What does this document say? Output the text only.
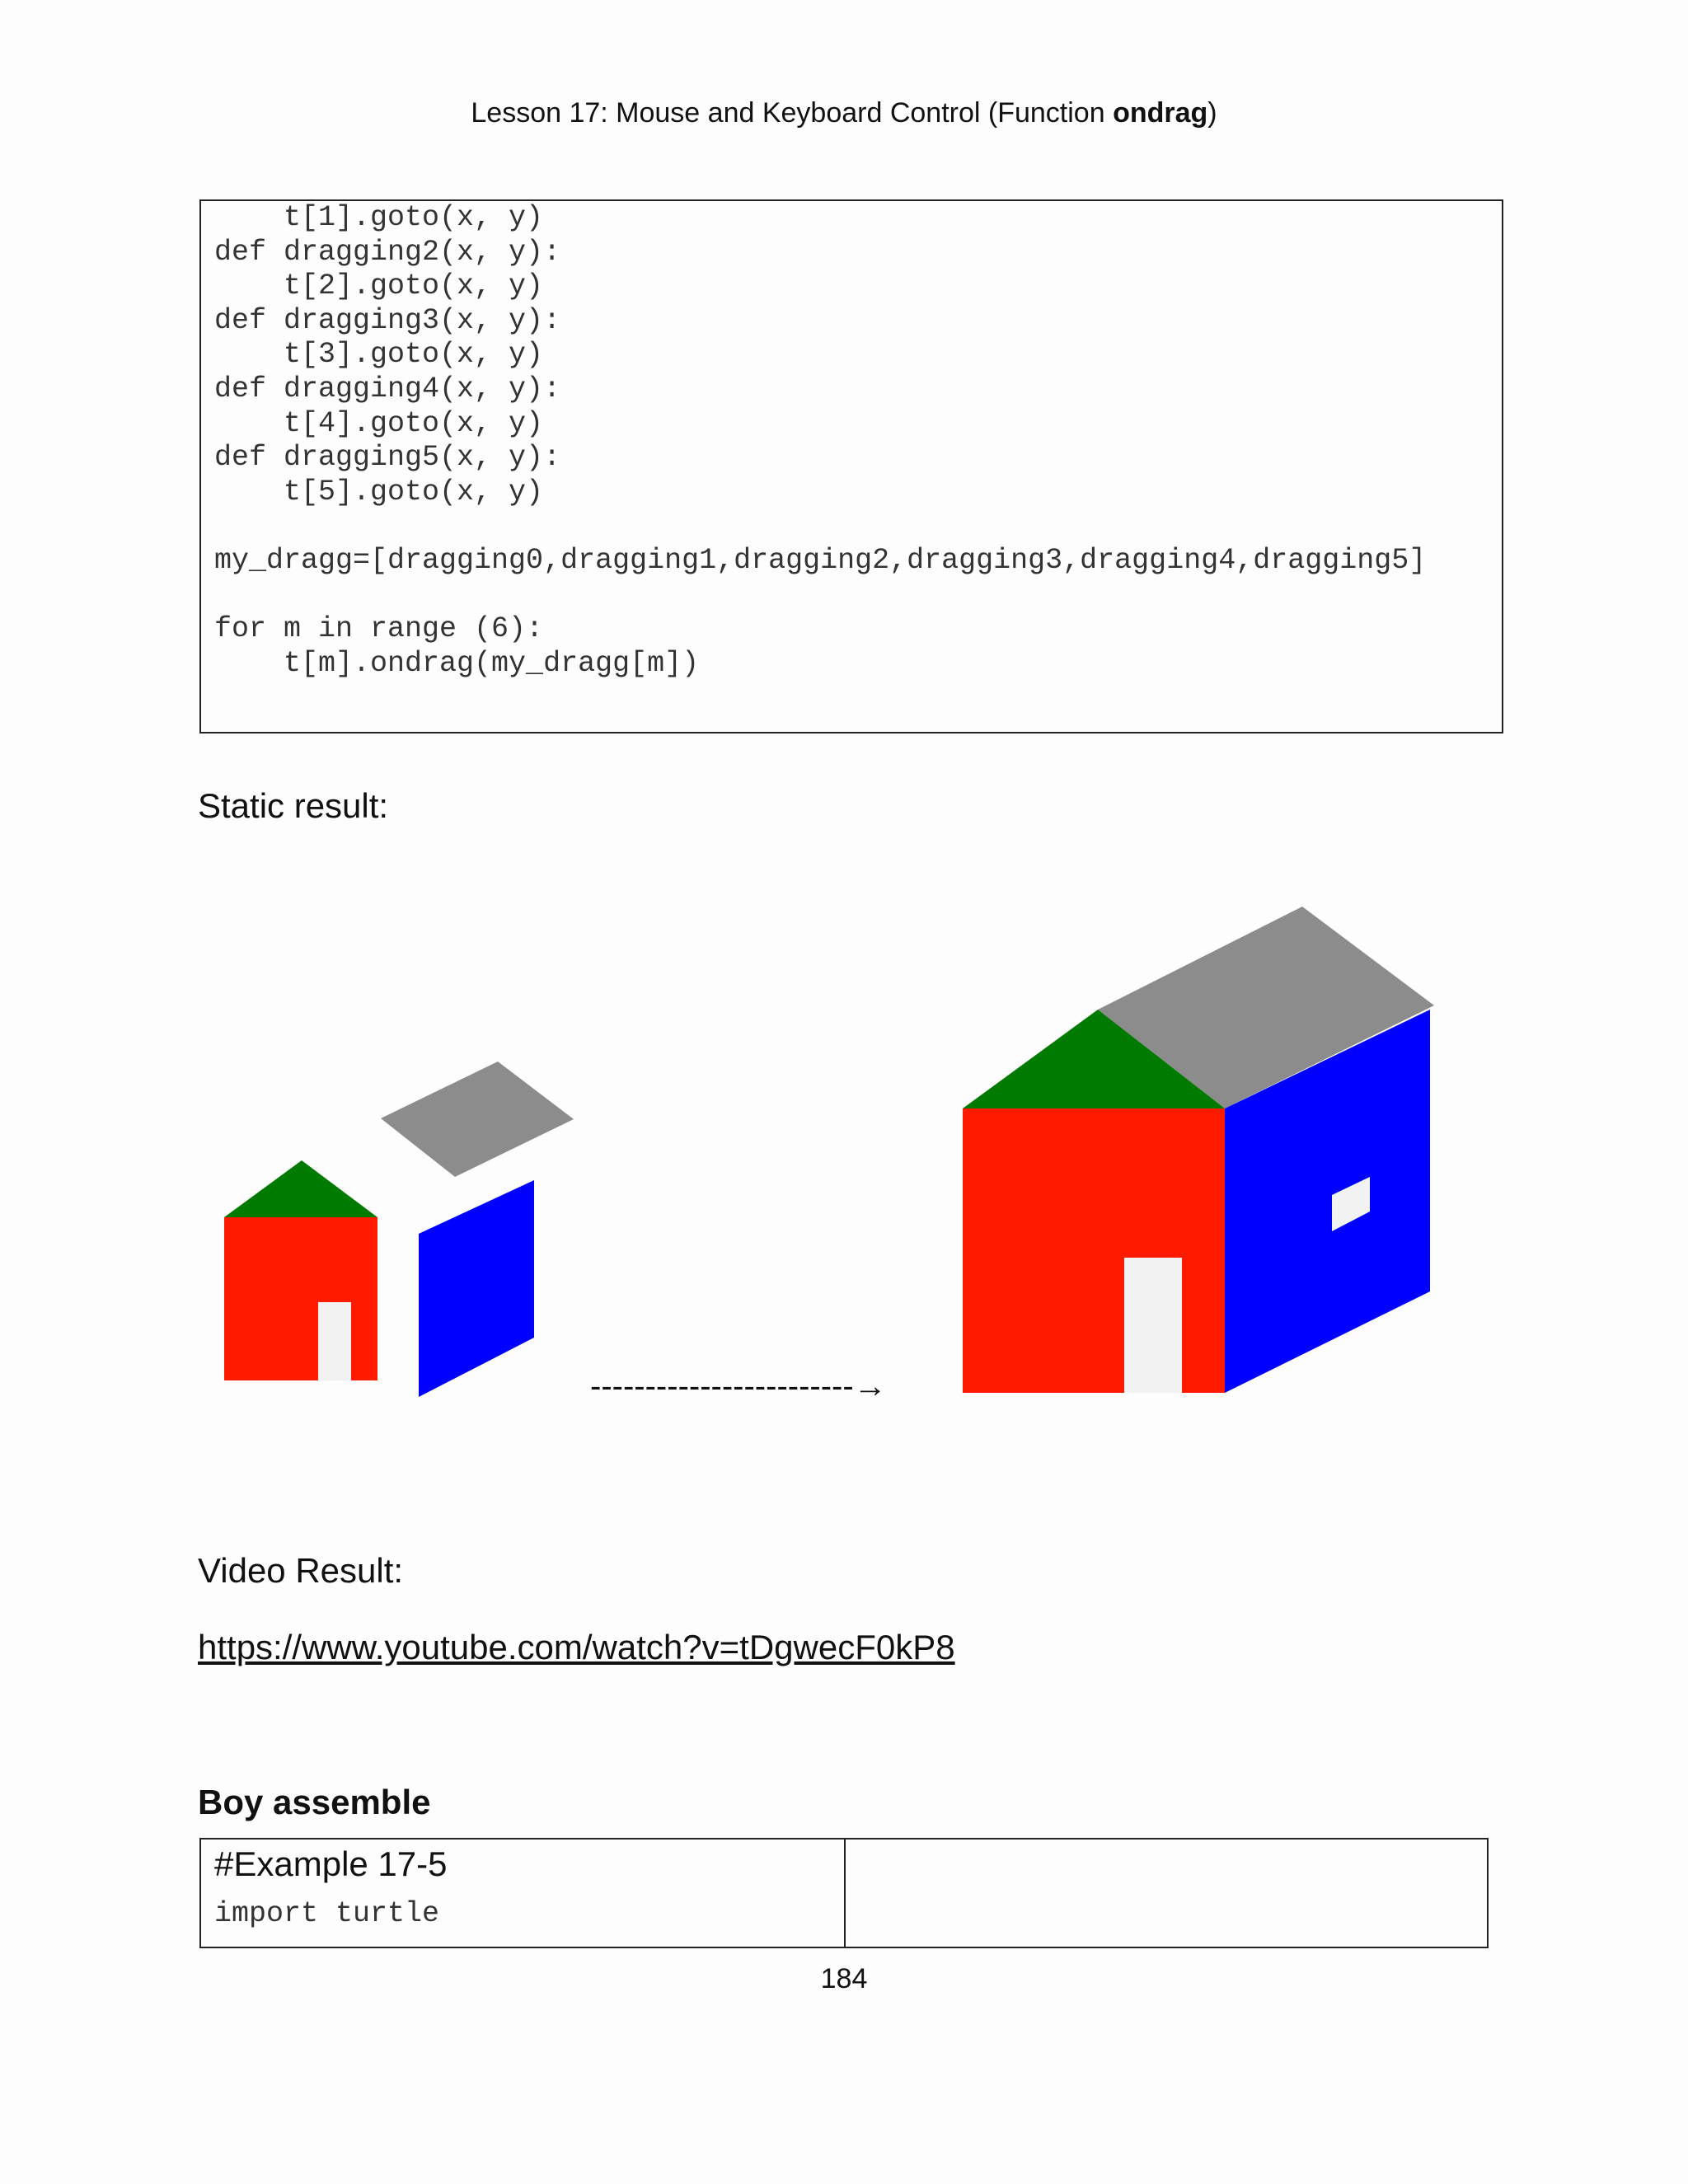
Lesson 17: Mouse and Keyboard Control (Function ondrag)
t[1].goto(x, y)
def dragging2(x, y):
t[2].goto(x, y)
def dragging3(x, y):
t[3].goto(x, y)
def dragging4(x, y):
t[4].goto(x, y)
def dragging5(x, y):
t[5].goto(x, y)

my_dragg=[dragging0,dragging1,dragging2,dragging3,dragging4,dragging5]

for m in range (6):
t[m].ondrag(my_dragg[m])
Static result:
------------------------→
Video Result:
https://www.youtube.com/watch?v=tDgwecF0kP8
Boy assemble
#Example 17-5
import turtle
184
